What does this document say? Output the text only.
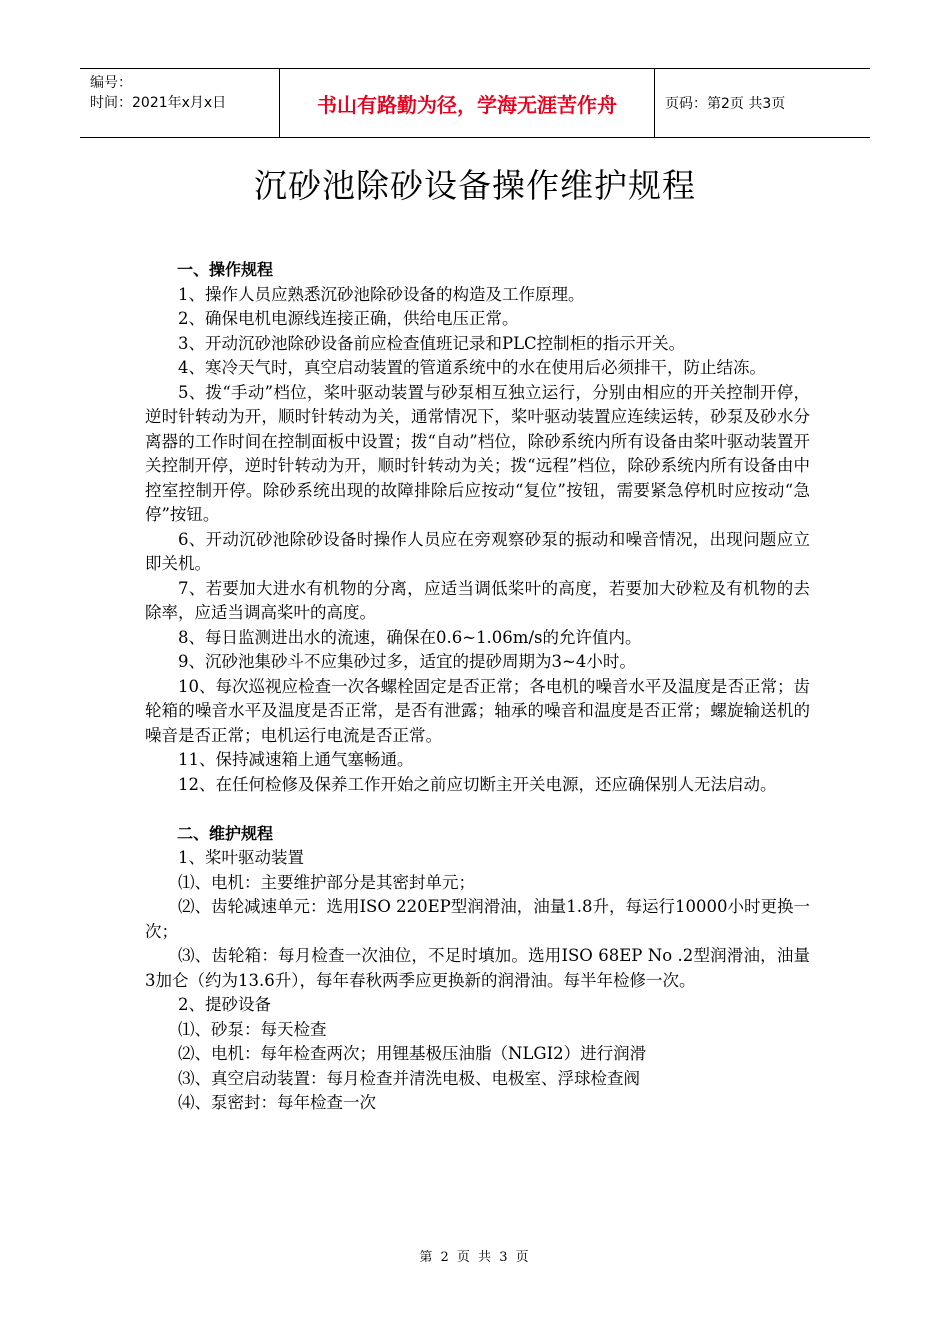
编号：
时间：2021年x月x日	书山有路勤为径，学海无涯苦作舟	页码：第2页 共3页
沉砂池除砂设备操作维护规程

一、操作规程

1、操作人员应熟悉沉砂池除砂设备的构造及工作原理。

2、确保电机电源线连接正确，供给电压正常。

3、开动沉砂池除砂设备前应检查值班记录和PLC控制柜的指示开关。

4、寒冷天气时，真空启动装置的管道系统中的水在使用后必须排干，防止结冻。

5、拨“手动”档位，桨叶驱动装置与砂泵相互独立运行，分别由相应的开关控制开停，逆时针转动为开，顺时针转动为关，通常情况下，桨叶驱动装置应连续运转，砂泵及砂水分离器的工作时间在控制面板中设置；拨“自动”档位，除砂系统内所有设备由桨叶驱动装置开关控制开停，逆时针转动为开，顺时针转动为关；拨“远程”档位，除砂系统内所有设备由中控室控制开停。除砂系统出现的故障排除后应按动“复位”按钮，需要紧急停机时应按动“急停”按钮。

6、开动沉砂池除砂设备时操作人员应在旁观察砂泵的振动和噪音情况，出现问题应立即关机。

7、若要加大进水有机物的分离，应适当调低桨叶的高度，若要加大砂粒及有机物的去除率，应适当调高桨叶的高度。

8、每日监测进出水的流速，确保在0.6~1.06m/s的允许值内。

9、沉砂池集砂斗不应集砂过多，适宜的提砂周期为3~4小时。

10、每次巡视应检查一次各螺栓固定是否正常；各电机的噪音水平及温度是否正常；齿轮箱的噪音水平及温度是否正常，是否有泄露；轴承的噪音和温度是否正常；螺旋输送机的噪音是否正常；电机运行电流是否正常。

11、保持减速箱上通气塞畅通。

12、在任何检修及保养工作开始之前应切断主开关电源，还应确保别人无法启动。

二、维护规程

1、桨叶驱动装置

⑴、电机：主要维护部分是其密封单元；

⑵、齿轮减速单元：选用ISO 220EP型润滑油，油量1.8升，每运行10000小时更换一次；

⑶、齿轮箱：每月检查一次油位，不足时填加。选用ISO 68EP No .2型润滑油，油量3加仑（约为13.6升），每年春秋两季应更换新的润滑油。每半年检修一次。

2、提砂设备

⑴、砂泵：每天检查

⑵、电机：每年检查两次；用锂基极压油脂（NLGI2）进行润滑

⑶、真空启动装置：每月检查并清洗电极、电极室、浮球检查阀

⑷、泵密封：每年检查一次

第 2 页 共 3 页
